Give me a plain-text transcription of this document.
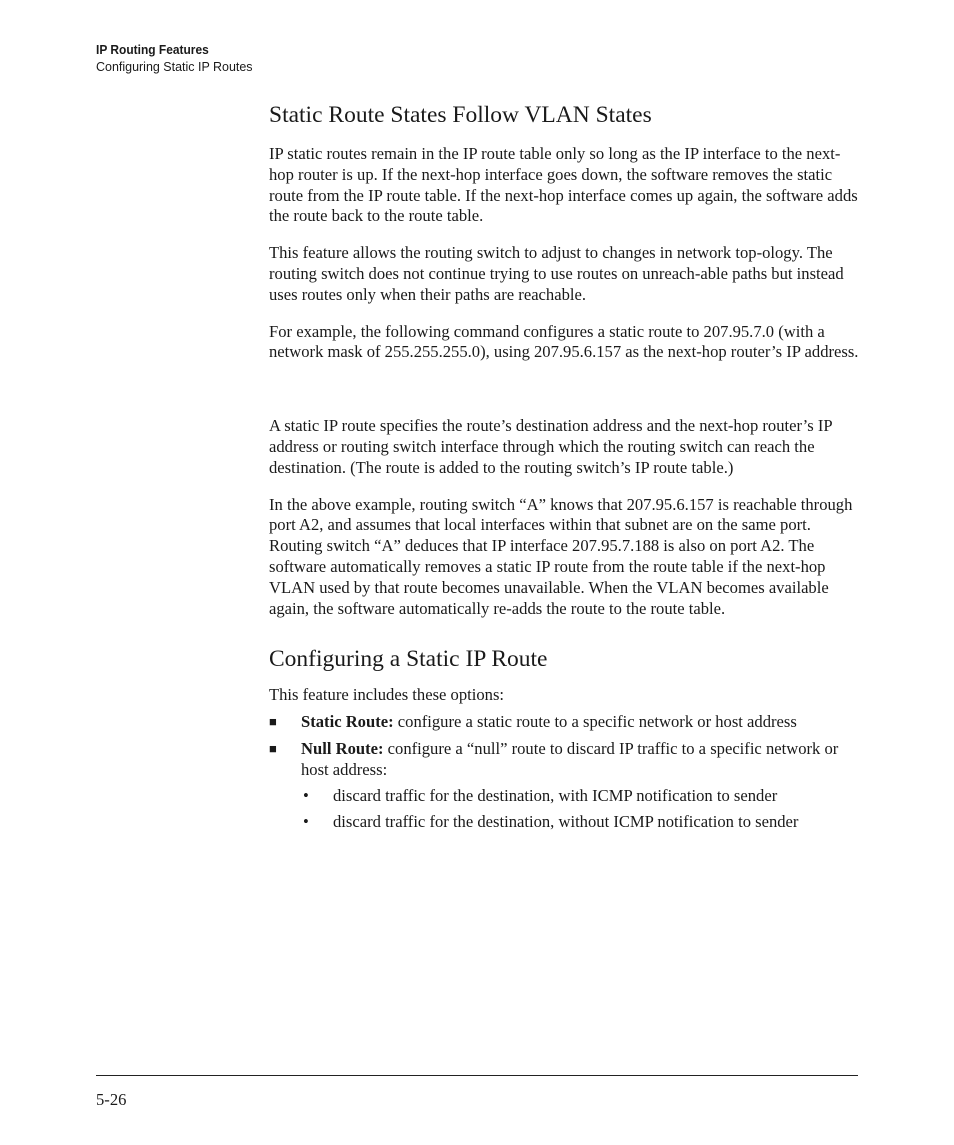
IP Routing Features
Configuring Static IP Routes
Static Route States Follow VLAN States

IP static routes remain in the IP route table only so long as the IP interface to the next-hop router is up. If the next-hop interface goes down, the software removes the static route from the IP route table. If the next-hop interface comes up again, the software adds the route back to the route table.

This feature allows the routing switch to adjust to changes in network top-ology. The routing switch does not continue trying to use routes on unreach-able paths but instead uses routes only when their paths are reachable.

For example, the following command configures a static route to 207.95.7.0 (with a network mask of 255.255.255.0), using 207.95.6.157 as the next-hop router’s IP address.

A static IP route specifies the route’s destination address and the next-hop router’s IP address or routing switch interface through which the routing switch can reach the destination. (The route is added to the routing switch’s IP route table.)

In the above example, routing switch “A” knows that 207.95.6.157 is reachable through port A2, and assumes that local interfaces within that subnet are on the same port. Routing switch “A” deduces that IP interface 207.95.7.188 is also on port A2. The software automatically removes a static IP route from the route table if the next-hop VLAN used by that route becomes unavailable. When the VLAN becomes available again, the software automatically re-adds the route to the route table.

Configuring a Static IP Route

This feature includes these options:

■ Static Route: configure a static route to a specific network or host address
■ Null Route: configure a “null” route to discard IP traffic to a specific network or host address:
• discard traffic for the destination, with ICMP notification to sender
• discard traffic for the destination, without ICMP notification to sender
5-26
